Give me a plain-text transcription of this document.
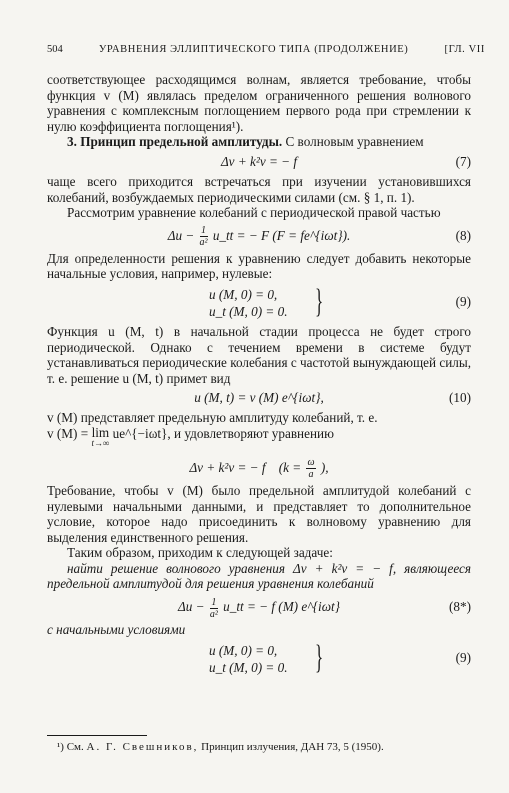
504	УРАВНЕНИЯ ЭЛЛИПТИЧЕСКОГО ТИПА (ПРОДОЛЖЕНИЕ)	[ГЛ. VII

соответствующее расходящимся волнам, является требование, чтобы функция v (M) являлась пределом ограниченного решения волнового уравнения с комплексным поглощением первого рода при стремлении к нулю коэффициента поглощения¹).

3. Принцип предельной амплитуды. С волновым уравнением

Δv + k²v = − f	(7)

чаще всего приходится встречаться при изучении установившихся колебаний, возбуждаемых периодическими силами (см. § 1, п. 1).

Рассмотрим уравнение колебаний с периодической правой частью

$\Delta u - \frac{1}{\text{a²}}$ u_tt = − F (F = fe^{iωt}).	(8)

Для определенности решения к уравнению следует добавить некоторые начальные условия, например, нулевые:

u (M, 0) = 0,
u_t (M, 0) = 0. }	(9)

Функция u (M, t) в начальной стадии процесса не будет строго периодической. Однако с течением времени в системе будут устанавливаться периодические колебания с частотой вынуждающей силы, т. е. решение u (M, t) примет вид

u (M, t) = v (M) e^{iωt},	(10)

v (M) представляет предельную амплитуду колебаний, т. е.

v (M) = lim
t→∞
ue^{−iωt}, и удовлетворяют уравнению

Δv + k²v = − f ($k = \frac{\omega}{a}$ ),

Требование, чтобы v (M) было предельной амплитудой колебаний с нулевыми начальными данными, и представляет то дополнительное условие, которое надо присоединить к волновому уравнению для выделения единственного решения.

Таким образом, приходим к следующей задаче:

найти решение волнового уравнения Δv + k²v = − f, являющееся предельной амплитудой для решения уравнения колебаний

$\Delta u - \frac{1}{\text{a²}}$ u_tt = − f (M) e^{iωt}	(8*)

с начальными условиями

u (M, 0) = 0,
u_t (M, 0) = 0. }	(9)
¹) См. А. Г. Свешников, Принцип излучения, ДАН 73, 5 (1950).
